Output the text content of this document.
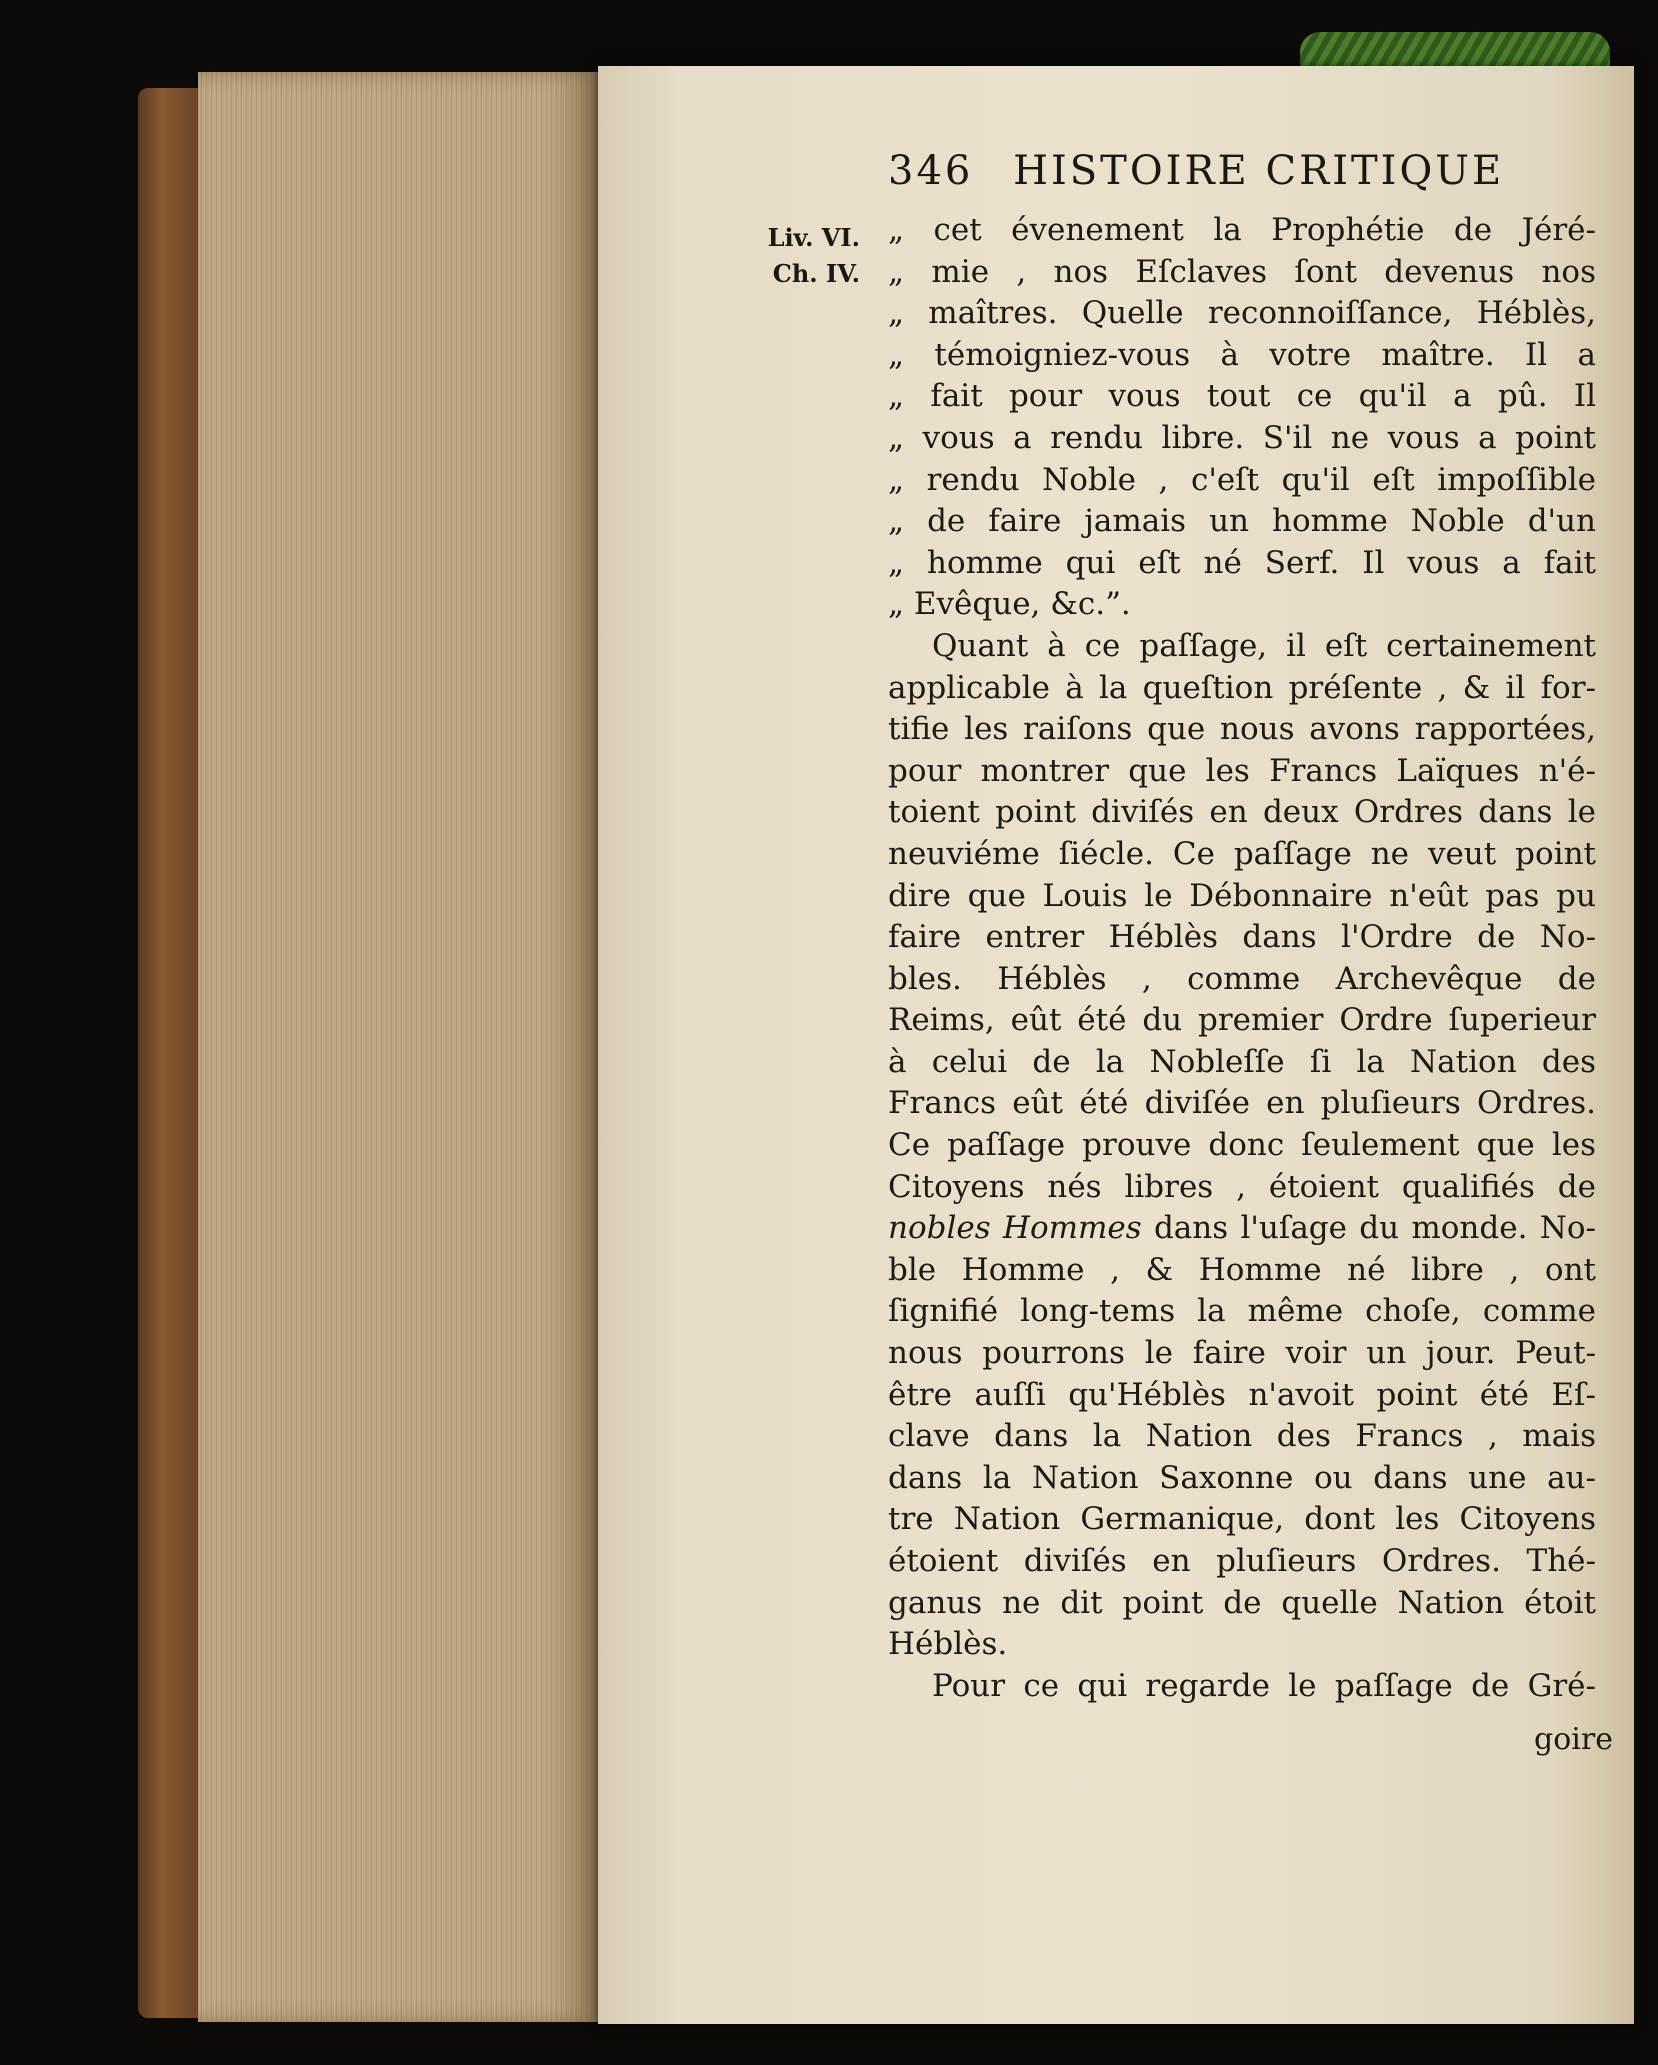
346 HISTOIRE CRITIQUE
Liv. VI.
Ch. IV.
„ cet évenement la Prophétie de Jéré-
„ mie , nos Eſclaves ſont devenus nos
„ maîtres. Quelle reconnoiſſance, Héblès,
„ témoigniez-vous à votre maître. Il a
„ fait pour vous tout ce qu'il a pû. Il
„ vous a rendu libre. S'il ne vous a point
„ rendu Noble , c'eſt qu'il eſt impoſſible
„ de faire jamais un homme Noble d'un
„ homme qui eſt né Serf. Il vous a fait
„ Evêque, &c.”.
Quant à ce paſſage, il eſt certainement
applicable à la queſtion préſente , & il for-
tifie les raiſons que nous avons rapportées,
pour montrer que les Francs Laïques n'é-
toient point diviſés en deux Ordres dans le
neuviéme ſiécle. Ce paſſage ne veut point
dire que Louis le Débonnaire n'eût pas pu
faire entrer Héblès dans l'Ordre de No-
bles. Héblès , comme Archevêque de
Reims, eût été du premier Ordre ſuperieur
à celui de la Nobleſſe ſi la Nation des
Francs eût été diviſée en pluſieurs Ordres.
Ce paſſage prouve donc ſeulement que les
Citoyens nés libres , étoient qualifiés de
nobles Hommes dans l'uſage du monde. No-
ble Homme , & Homme né libre , ont
ſignifié long-tems la même choſe, comme
nous pourrons le faire voir un jour. Peut-
être auſſi qu'Héblès n'avoit point été Eſ-
clave dans la Nation des Francs , mais
dans la Nation Saxonne ou dans une au-
tre Nation Germanique, dont les Citoyens
étoient diviſés en pluſieurs Ordres. Thé-
ganus ne dit point de quelle Nation étoit
Héblès.
Pour ce qui regarde le paſſage de Gré-
goire
